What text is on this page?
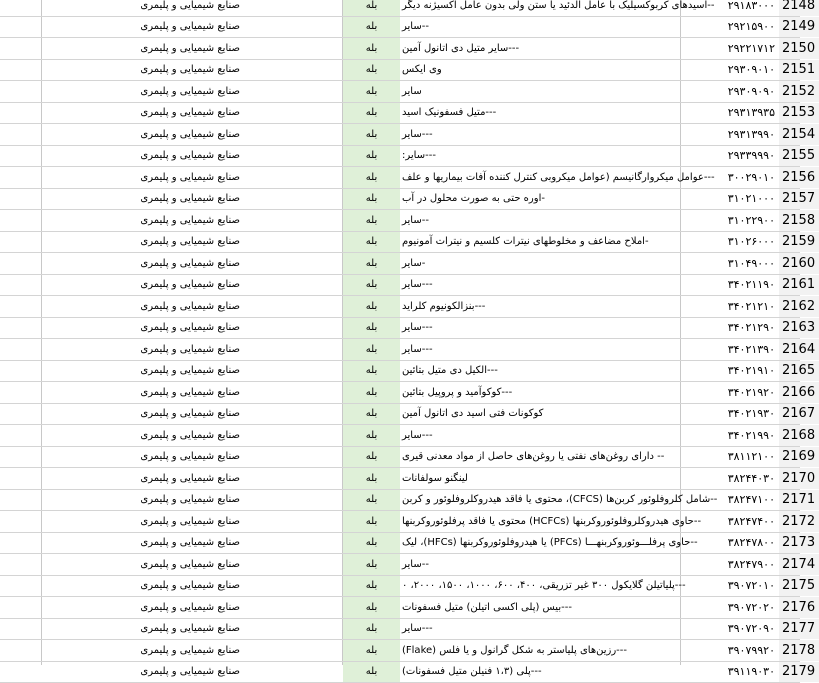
صنایع شیمیایی و پلیمری	بله --اسیدهای کربوکسیلیک با عامل آلدئید یا ستن ولی بدون عامل اکسیژنه دیگر	۲۹۱۸۳۰۰۰ 2148
صنایع شیمیایی و پلیمری	بله --سایر	۲۹۲۱۵۹۰۰ 2149
صنایع شیمیایی و پلیمری	بله ---سایر متیل دی اتانول آمین	۲۹۲۲۱۷۱۲ 2150
صنایع شیمیایی و پلیمری	بله وی ایکس	۲۹۳۰۹۰۱۰ 2151
صنایع شیمیایی و پلیمری	بله سایر	۲۹۳۰۹۰۹۰ 2152
صنایع شیمیایی و پلیمری	بله ---متیل فسفونیک اسید	۲۹۳۱۳۹۳۵ 2153
صنایع شیمیایی و پلیمری	بله ---سایر	۲۹۳۱۳۹۹۰ 2154
صنایع شیمیایی و پلیمری	بله ---سایر:	۲۹۳۳۹۹۹۰ 2155
صنایع شیمیایی و پلیمری	بله ---عوامل میکروارگانیسم (عوامل میکروبی کنترل کننده آفات بیماریها و علف	۳۰۰۲۹۰۱۰ 2156
صنایع شیمیایی و پلیمری	بله -اوره حتی به صورت محلول در آب	۳۱۰۲۱۰۰۰ 2157
صنایع شیمیایی و پلیمری	بله --سایر	۳۱۰۲۲۹۰۰ 2158
صنایع شیمیایی و پلیمری	بله -املاح مضاعف و مخلوطهای نیترات کلسیم و نیترات آمونیوم	۳۱۰۲۶۰۰۰ 2159
صنایع شیمیایی و پلیمری	بله -سایر	۳۱۰۴۹۰۰۰ 2160
صنایع شیمیایی و پلیمری	بله ---سایر	۳۴۰۲۱۱۹۰ 2161
صنایع شیمیایی و پلیمری	بله ---بنزالکونیوم کلراید	۳۴۰۲۱۲۱۰ 2162
صنایع شیمیایی و پلیمری	بله ---سایر	۳۴۰۲۱۲۹۰ 2163
صنایع شیمیایی و پلیمری	بله ---سایر	۳۴۰۲۱۳۹۰ 2164
صنایع شیمیایی و پلیمری	بله ---الکیل دی متیل بتائین	۳۴۰۲۱۹۱۰ 2165
صنایع شیمیایی و پلیمری	بله ---کوکوآمید و پروپیل بتائین	۳۴۰۲۱۹۲۰ 2166
صنایع شیمیایی و پلیمری	بله کوکونات فتی اسید دی اتانول آمین	۳۴۰۲۱۹۳۰ 2167
صنایع شیمیایی و پلیمری	بله ---سایر	۳۴۰۲۱۹۹۰ 2168
صنایع شیمیایی و پلیمری	بله -- دارای روغن‌های نفتی یا روغن‌های حاصل از مواد معدنی قیری	۳۸۱۱۲۱۰۰ 2169
صنایع شیمیایی و پلیمری	بله لینگنو سولفانات	۳۸۲۴۴۰۳۰ 2170
صنایع شیمیایی و پلیمری	بله --شامل کلروفلوئور کربن‌ها (CFCS)، محتوی یا فاقد هیدروکلروفلوئور و کربن ۳۸۲۴۷۱۰۰ 2171
صنایع شیمیایی و پلیمری	بله --حاوی هیدروکلروفلوئوروکربنها (HCFCs) محتوی یا فاقد پرفلوئوروکربنها	۳۸۲۴۷۴۰۰ 2172
صنایع شیمیایی و پلیمری	بله --حاوی پرفلـــوئوروکربنهـــا (PFCs) یا هیدروفلوئوروکربنها (HFCs)، لیک	۳۸۲۴۷۸۰۰ 2173
صنایع شیمیایی و پلیمری	بله --سایر	۳۸۲۴۷۹۰۰ 2174
صنایع شیمیایی و پلیمری	بله ---پلیاتیلن گلایکول ۳۰۰ غیر تزریقی، ۴۰۰، ۶۰۰، ۱۰۰۰، ۱۵۰۰، ۲۰۰۰، ۰	۳۹۰۷۲۰۱۰ 2175
صنایع شیمیایی و پلیمری	بله ---بیس (پلی اکسی اتیلن) متیل فسفونات	۳۹۰۷۲۰۲۰ 2176
صنایع شیمیایی و پلیمری	بله ---سایر	۳۹۰۷۲۰۹۰ 2177
صنایع شیمیایی و پلیمری	بله ---رزین‌های پلیاستر به شکل گرانول و یا فلس (Flake)	۳۹۰۷۹۹۲۰ 2178
صنایع شیمیایی و پلیمری	بله ---پلی (۱،۳ فنیلن متیل فسفونات)	۳۹۱۱۹۰۳۰ 2179
